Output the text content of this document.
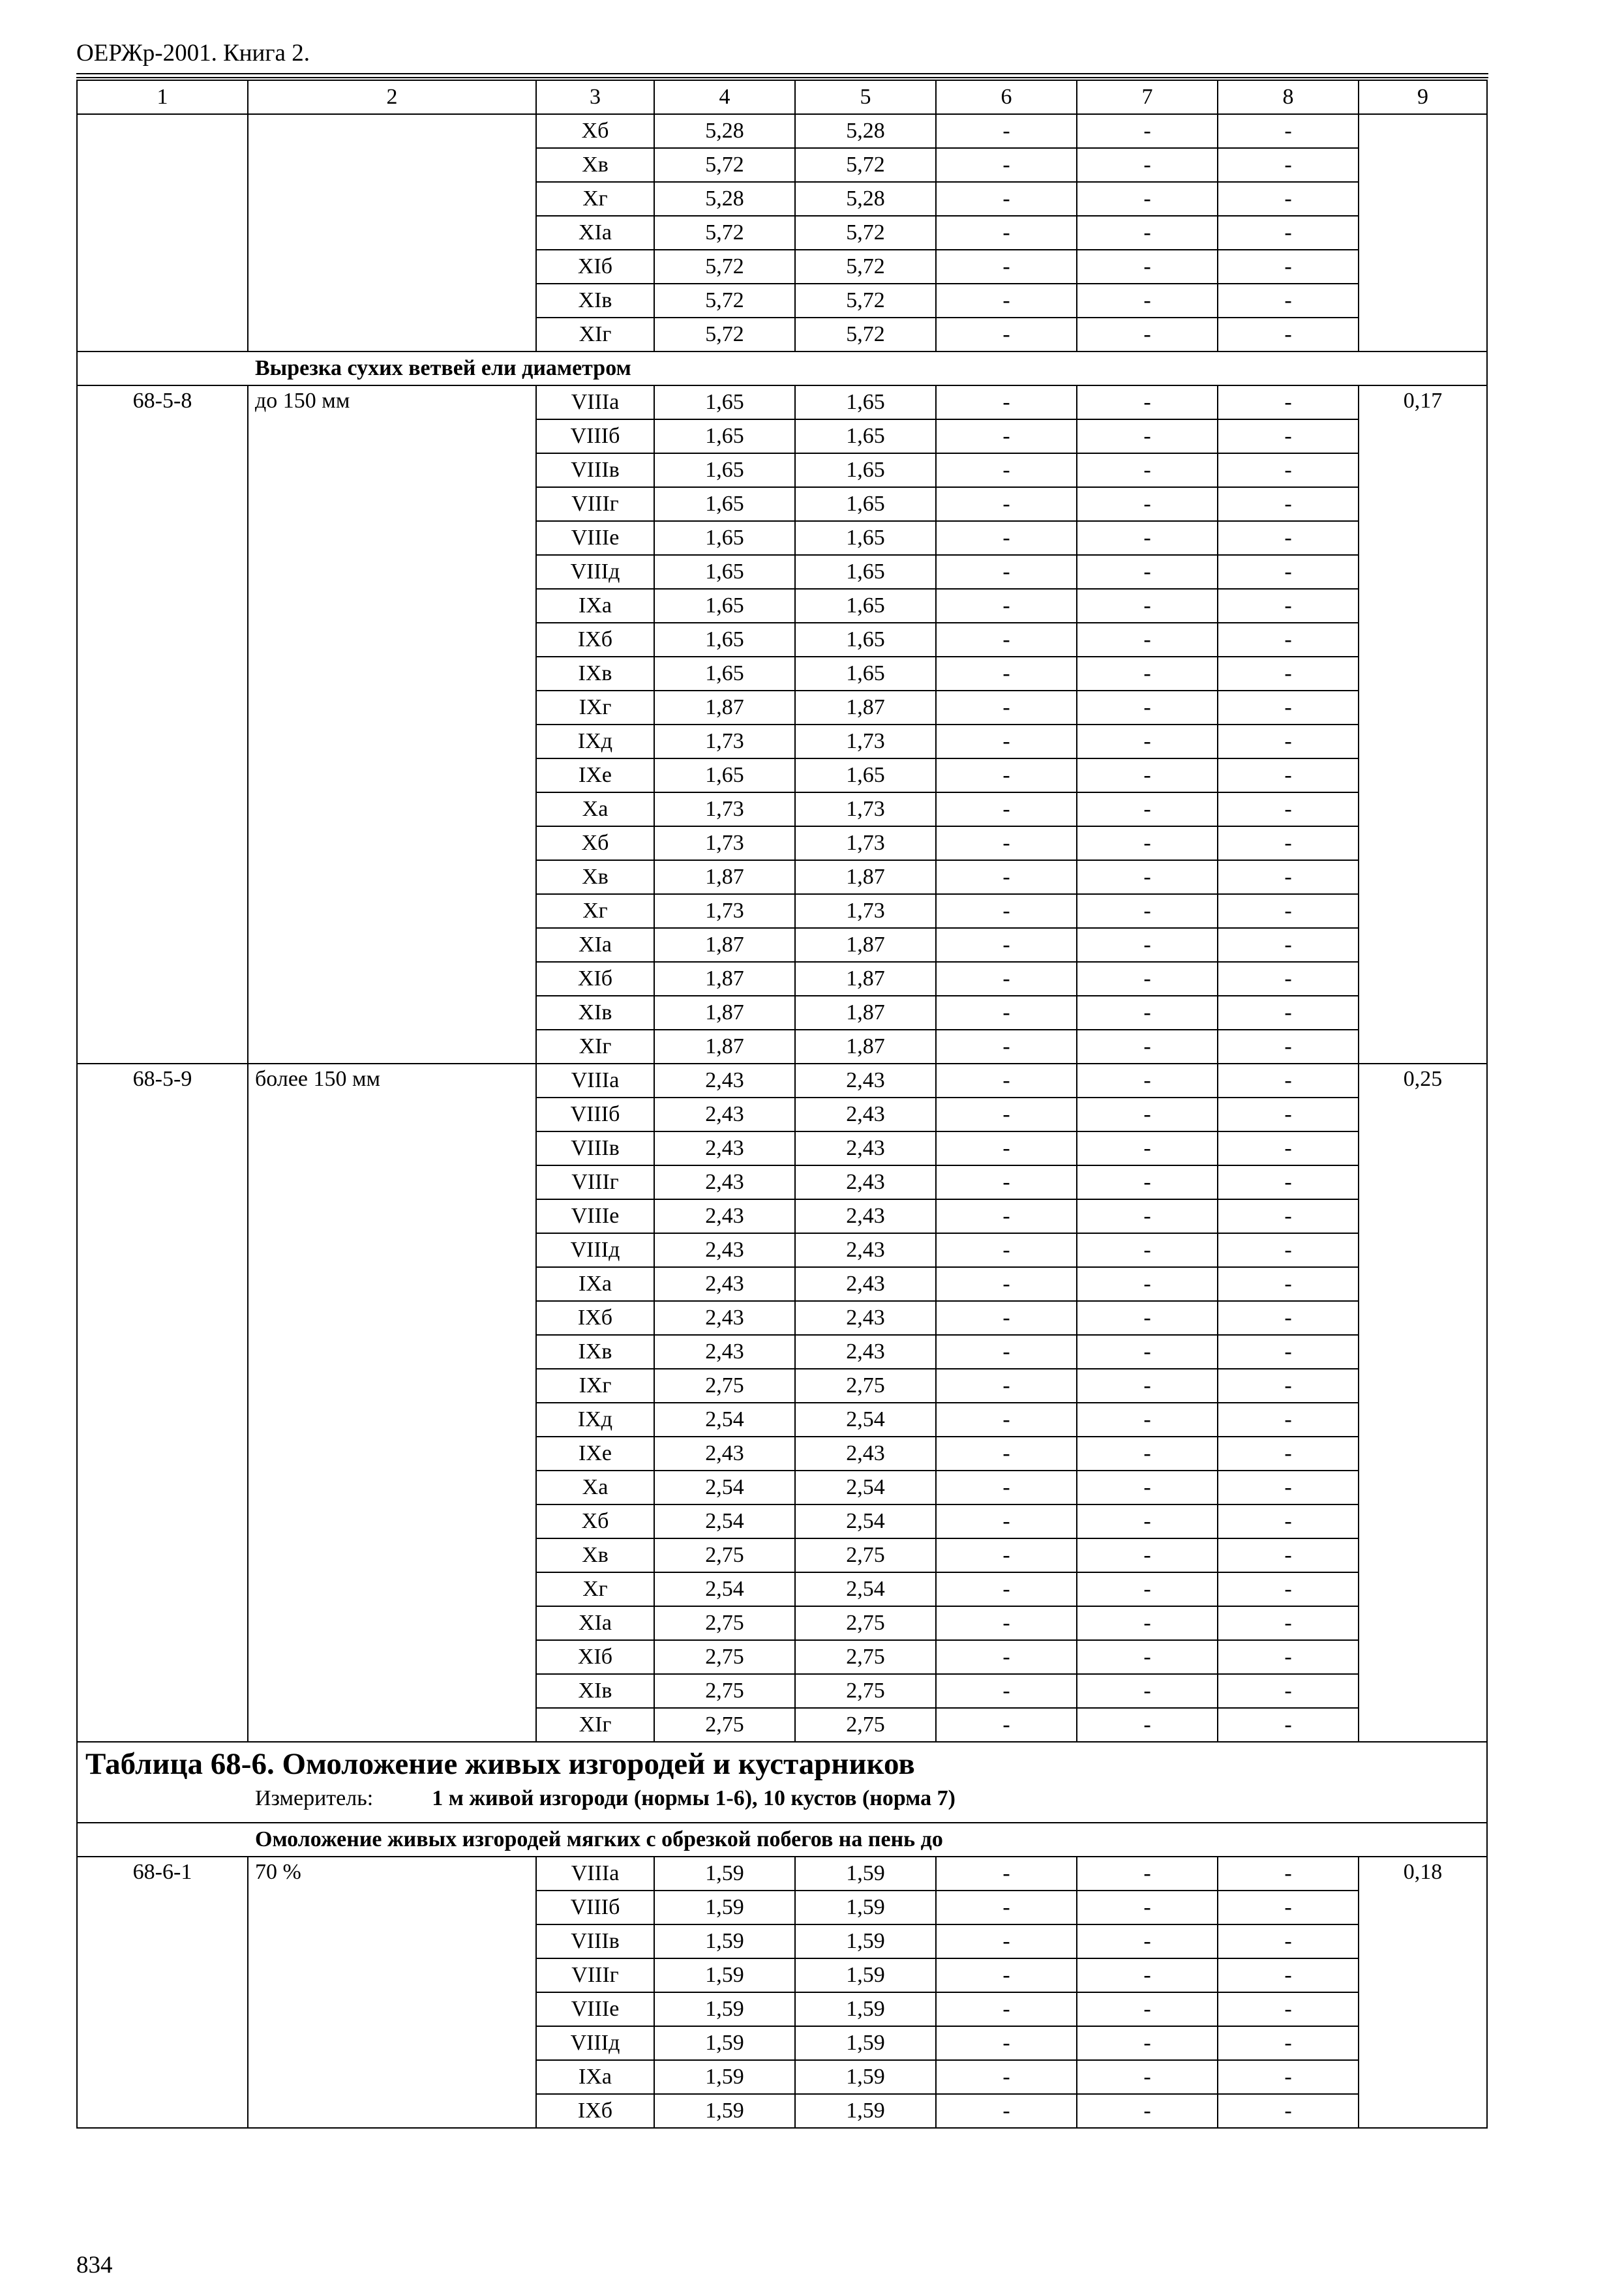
ОЕРЖр-2001. Книга 2.
1	2	3	4	5	6	7	8	9
		Хб	5,28	5,28	-	-	-	
		Хв	5,72	5,72	-	-	-	
		Хг	5,28	5,28	-	-	-	
		XIа	5,72	5,72	-	-	-	
		XIб	5,72	5,72	-	-	-	
		XIв	5,72	5,72	-	-	-	
		XIг	5,72	5,72	-	-	-	
Вырезка сухих ветвей ели диаметром								
68-5-8	до 150 мм	VIIIа	1,65	1,65	-	-	-	0,17
		VIIIб	1,65	1,65	-	-	-	
		VIIIв	1,65	1,65	-	-	-	
		VIIIг	1,65	1,65	-	-	-	
		VIIIе	1,65	1,65	-	-	-	
		VIIIд	1,65	1,65	-	-	-	
		IXа	1,65	1,65	-	-	-	
		IXб	1,65	1,65	-	-	-	
		IXв	1,65	1,65	-	-	-	
		IXг	1,87	1,87	-	-	-	
		IXд	1,73	1,73	-	-	-	
		IXе	1,65	1,65	-	-	-	
		Ха	1,73	1,73	-	-	-	
		Хб	1,73	1,73	-	-	-	
		Хв	1,87	1,87	-	-	-	
		Хг	1,73	1,73	-	-	-	
		XIа	1,87	1,87	-	-	-	
		XIб	1,87	1,87	-	-	-	
		XIв	1,87	1,87	-	-	-	
		XIг	1,87	1,87	-	-	-	
68-5-9	более 150 мм	VIIIа	2,43	2,43	-	-	-	0,25
		VIIIб	2,43	2,43	-	-	-	
		VIIIв	2,43	2,43	-	-	-	
		VIIIг	2,43	2,43	-	-	-	
		VIIIе	2,43	2,43	-	-	-	
		VIIIд	2,43	2,43	-	-	-	
		IXа	2,43	2,43	-	-	-	
		IXб	2,43	2,43	-	-	-	
		IXв	2,43	2,43	-	-	-	
		IXг	2,75	2,75	-	-	-	
		IXд	2,54	2,54	-	-	-	
		IXе	2,43	2,43	-	-	-	
		Ха	2,54	2,54	-	-	-	
		Хб	2,54	2,54	-	-	-	
		Хв	2,75	2,75	-	-	-	
		Хг	2,54	2,54	-	-	-	
		XIа	2,75	2,75	-	-	-	
		XIб	2,75	2,75	-	-	-	
		XIв	2,75	2,75	-	-	-	
		XIг	2,75	2,75	-	-	-	

Таблица 68-6. Омоложение живых изгородей и кустарников
Измеритель: 1 м живой изгороди (нормы 1-6), 10 кустов (норма 7)								

Омоложение живых изгородей мягких с обрезкой побегов на пень до								
68-6-1	70 %	VIIIа	1,59	1,59	-	-	-	0,18
		VIIIб	1,59	1,59	-	-	-	
		VIIIв	1,59	1,59	-	-	-	
		VIIIг	1,59	1,59	-	-	-	
		VIIIе	1,59	1,59	-	-	-	
		VIIIд	1,59	1,59	-	-	-	
		IXа	1,59	1,59	-	-	-	
		IXб	1,59	1,59	-	-	-	
834
